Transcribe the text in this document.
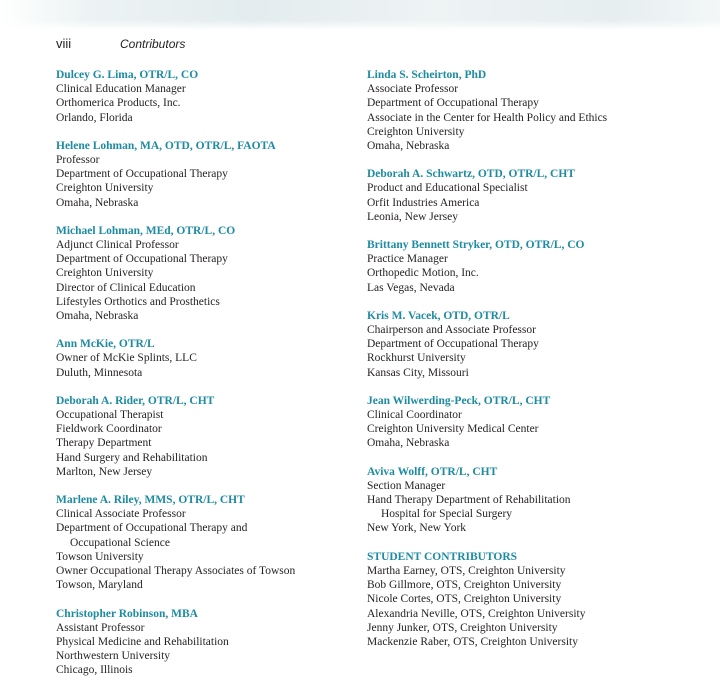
viii	Contributors
Dulcey G. Lima, OTR/L, CO
Clinical Education Manager
Orthomerica Products, Inc.
Orlando, Florida
Helene Lohman, MA, OTD, OTR/L, FAOTA
Professor
Department of Occupational Therapy
Creighton University
Omaha, Nebraska
Michael Lohman, MEd, OTR/L, CO
Adjunct Clinical Professor
Department of Occupational Therapy
Creighton University
Director of Clinical Education
Lifestyles Orthotics and Prosthetics
Omaha, Nebraska
Ann McKie, OTR/L
Owner of McKie Splints, LLC
Duluth, Minnesota
Deborah A. Rider, OTR/L, CHT
Occupational Therapist
Fieldwork Coordinator
Therapy Department
Hand Surgery and Rehabilitation
Marlton, New Jersey
Marlene A. Riley, MMS, OTR/L, CHT
Clinical Associate Professor
Department of Occupational Therapy and
Occupational Science
Towson University
Owner Occupational Therapy Associates of Towson
Towson, Maryland
Christopher Robinson, MBA
Assistant Professor
Physical Medicine and Rehabilitation
Northwestern University
Chicago, Illinois
Linda S. Scheirton, PhD
Associate Professor
Department of Occupational Therapy
Associate in the Center for Health Policy and Ethics
Creighton University
Omaha, Nebraska
Deborah A. Schwartz, OTD, OTR/L, CHT
Product and Educational Specialist
Orfit Industries America
Leonia, New Jersey
Brittany Bennett Stryker, OTD, OTR/L, CO
Practice Manager
Orthopedic Motion, Inc.
Las Vegas, Nevada
Kris M. Vacek, OTD, OTR/L
Chairperson and Associate Professor
Department of Occupational Therapy
Rockhurst University
Kansas City, Missouri
Jean Wilwerding-Peck, OTR/L, CHT
Clinical Coordinator
Creighton University Medical Center
Omaha, Nebraska
Aviva Wolff, OTR/L, CHT
Section Manager
Hand Therapy Department of Rehabilitation
Hospital for Special Surgery
New York, New York
STUDENT CONTRIBUTORS
Martha Earney, OTS, Creighton University
Bob Gillmore, OTS, Creighton University
Nicole Cortes, OTS, Creighton University
Alexandria Neville, OTS, Creighton University
Jenny Junker, OTS, Creighton University
Mackenzie Raber, OTS, Creighton University
